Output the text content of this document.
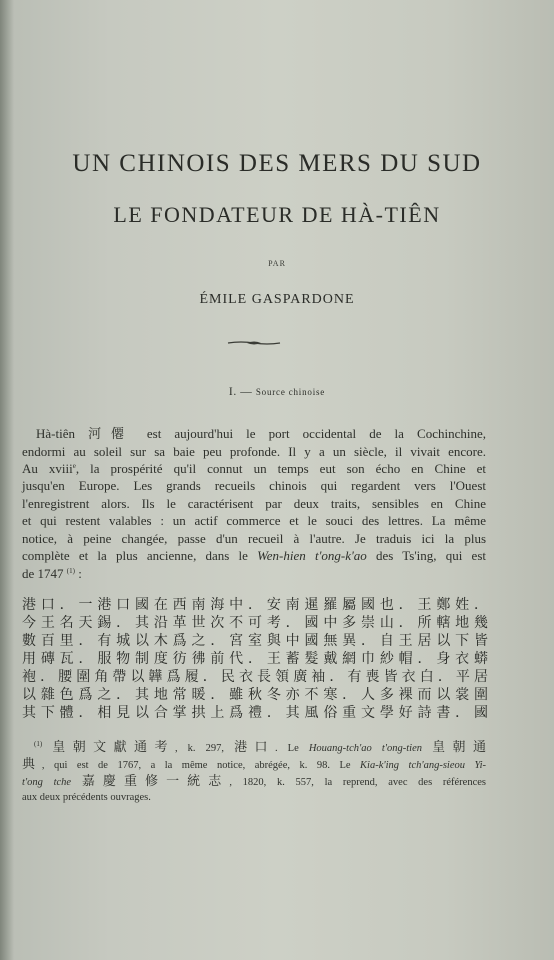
UN CHINOIS DES MERS DU SUD
LE FONDATEUR DE HÀ-TIÊN
PAR
ÉMILE GASPARDONE
I. — Source chinoise
Hà-tiên 河僊 est aujourd'hui le port occidental de la Cochinchine,
endormi au soleil sur sa baie peu profonde. Il y a un siècle, il vivait encore.
Au xviii$^e$, la prospérité qu'il connut un temps eut son écho en Chine et
jusqu'en Europe. Les grands recueils chinois qui regardent vers l'Ouest
l'enregistrent alors. Ils le caractérisent par deux traits, sensibles en Chine
et qui restent valables : un actif commerce et le souci des lettres. La même
notice, à peine changée, passe d'un recueil à l'autre. Je traduis ici la plus
complète et la plus ancienne, dans le Wen-hien t'ong-k'ao des Ts'ing, qui est
de 1747 $^{(1)}$ :
港口．一港口國在西南海中．安南暹羅屬國也．王鄭姓．
今王名天錫．其沿革世次不可考．國中多崇山．所轄地幾
數百里．有城以木爲之．宮室與中國無異．自王居以下皆
用磚瓦．服物制度彷彿前代．王蓄髮戴網巾紗帽．身衣蟒
袍．腰圍角帶以韡爲履．民衣長領廣袖．有喪皆衣白．平居
以雜色爲之．其地常暖．雖秋冬亦不寒．人多裸而以裳圍
其下體．相見以合掌拱上爲禮．其風俗重文學好詩書．國
$^{(1)}$ 皇朝文獻通考, k. 297, 港口. Le Houang-tch'ao t'ong-tien 皇朝通
典, qui est de 1767, a la même notice, abrégée, k. 98. Le Kia-k'ing tch'ang-sieou Yi-
t'ong tche 嘉慶重修一統志, 1820, k. 557, la reprend, avec des références
aux deux précédents ouvrages.
